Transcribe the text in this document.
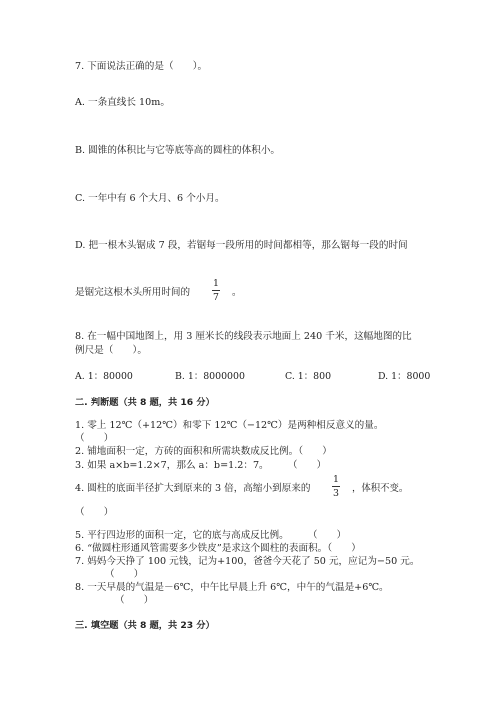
7. 下面说法正确的是（　　）。
A. 一条直线长 10m。
B. 圆锥的体积比与它等底等高的圆柱的体积小。
C. 一年中有 6 个大月、6 个小月。
D. 把一根木头锯成 7 段，若锯每一段所用的时间都相等，那么锯每一段的时间
是锯完这根木头所用时间的
1
7 。
8. 在一幅中国地图上，用 3 厘米长的线段表示地面上 240 千米，这幅地图的比
例尺是（　　）。
A. 1：80000	B. 1：8000000	C. 1：800	D. 1：8000
二. 判断题（共 8 题，共 16 分）
1. 零上 12℃（+12℃）和零下 12℃（−12℃）是两种相反意义的量。
（　　）
2. 铺地面积一定，方砖的面积和所需块数成反比例。（　　）
3. 如果 a×b=1.2×7，那么 a：b=1.2：7。　　　（　　）
4. 圆柱的底面半径扩大到原来的 3 倍，高缩小到原来的
1
3 ，体积不变。
（　　）
5. 平行四边形的面积一定，它的底与高成反比例。　　　（　　）
6. “做圆柱形通风管需要多少铁皮”是求这个圆柱的表面积。（　　）
7. 妈妈今天挣了 100 元钱，记为+100，爸爸今天花了 50 元，应记为−50 元。
（　　）
8. 一天早晨的气温是－6℃，中午比早晨上升 6℃，中午的气温是+6℃。
（　　）
三. 填空题（共 8 题，共 23 分）
